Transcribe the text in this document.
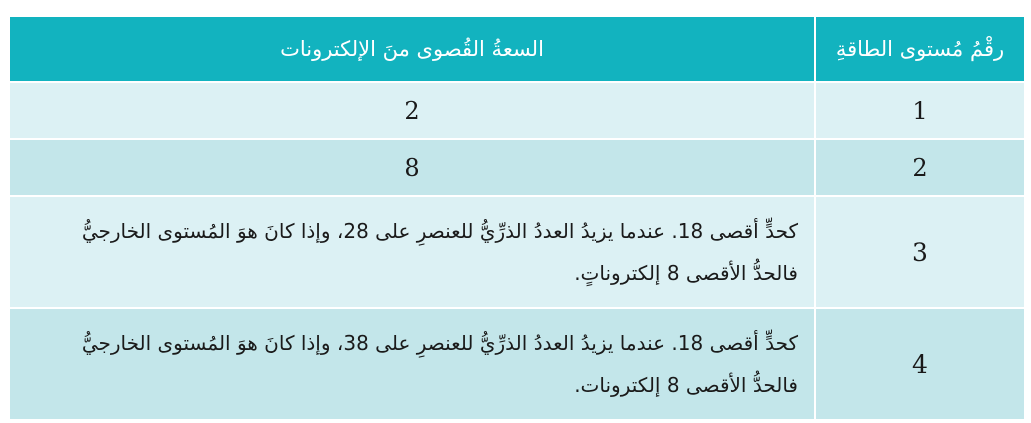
رقْمُ مُستوى الطاقةِ	السعةُ القُصوى منَ الإلكترونات
1	2
2	8
3	كحدٍّ أقصى 18. عندما يزيدُ العددُ الذرِّيُّ للعنصرِ على 28، وإذا كانَ هوَ المُستوى الخارجيُّ
فالحدُّ الأقصى 8 إلكتروناتٍ.

4	كحدٍّ أقصى 18. عندما يزيدُ العددُ الذرِّيُّ للعنصرِ على 38، وإذا كانَ هوَ المُستوى الخارجيُّ
فالحدُّ الأقصى 8 إلكترونات.
